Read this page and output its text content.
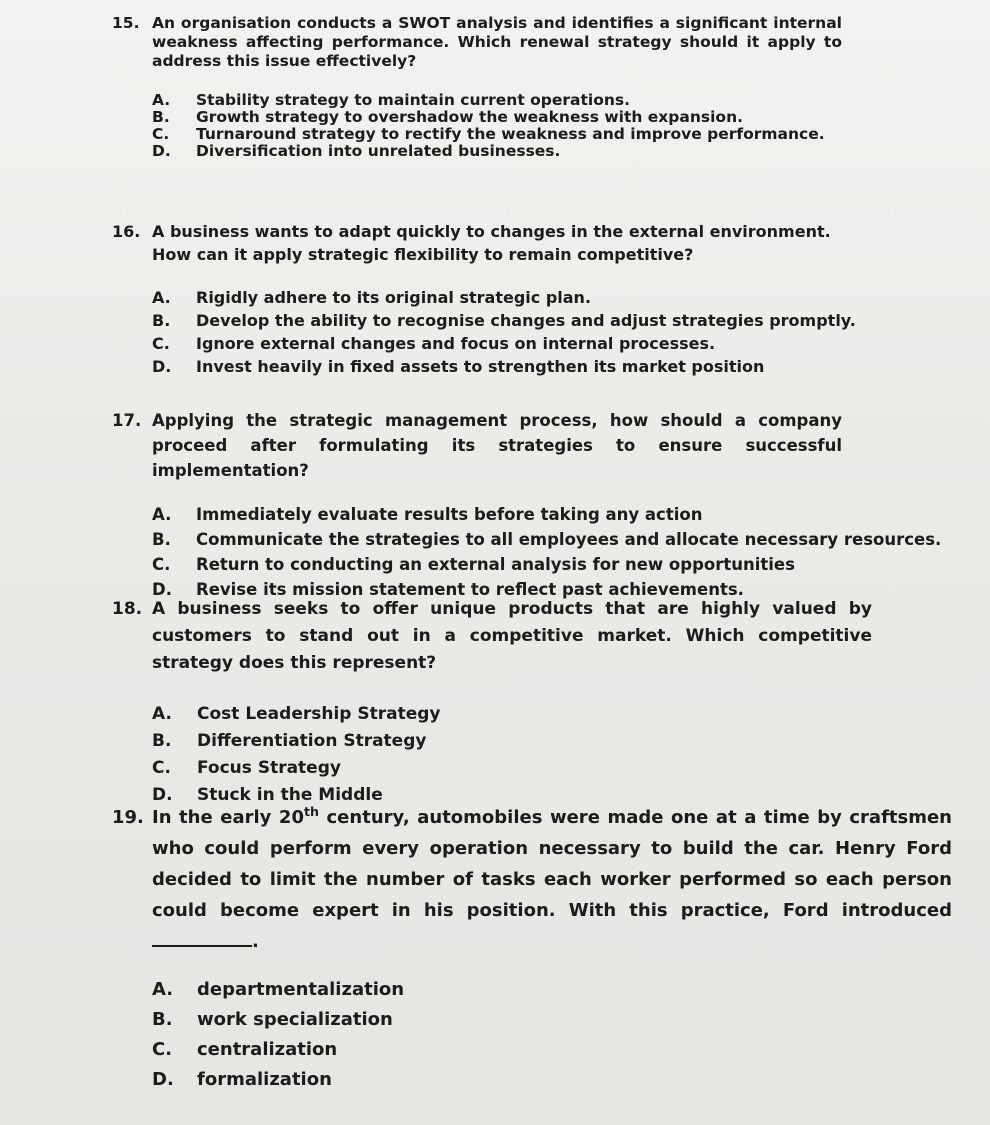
15. An organisation conducts a SWOT analysis and identifies a significant internal weakness affecting performance. Which renewal strategy should it apply to address this issue effectively?
A.	Stability strategy to maintain current operations.
B.	Growth strategy to overshadow the weakness with expansion.
C.	Turnaround strategy to rectify the weakness and improve performance.
D.	Diversification into unrelated businesses.
16. A business wants to adapt quickly to changes in the external environment. How can it apply strategic flexibility to remain competitive?
A.	Rigidly adhere to its original strategic plan.
B.	Develop the ability to recognise changes and adjust strategies promptly.
C.	Ignore external changes and focus on internal processes.
D.	Invest heavily in fixed assets to strengthen its market position
17. Applying the strategic management process, how should a company proceed after formulating its strategies to ensure successful implementation?
A.	Immediately evaluate results before taking any action
B.	Communicate the strategies to all employees and allocate necessary resources.
C.	Return to conducting an external analysis for new opportunities
D.	Revise its mission statement to reflect past achievements.
18. A business seeks to offer unique products that are highly valued by customers to stand out in a competitive market. Which competitive strategy does this represent?
A.	Cost Leadership Strategy
B.	Differentiation Strategy
C.	Focus Strategy
D.	Stuck in the Middle
19. In the early 20th century, automobiles were made one at a time by craftsmen who could perform every operation necessary to build the car. Henry Ford decided to limit the number of tasks each worker performed so each person could become expert in his position. With this practice, Ford introduced .
A.	departmentalization
B.	work specialization
C.	centralization
D.	formalization
